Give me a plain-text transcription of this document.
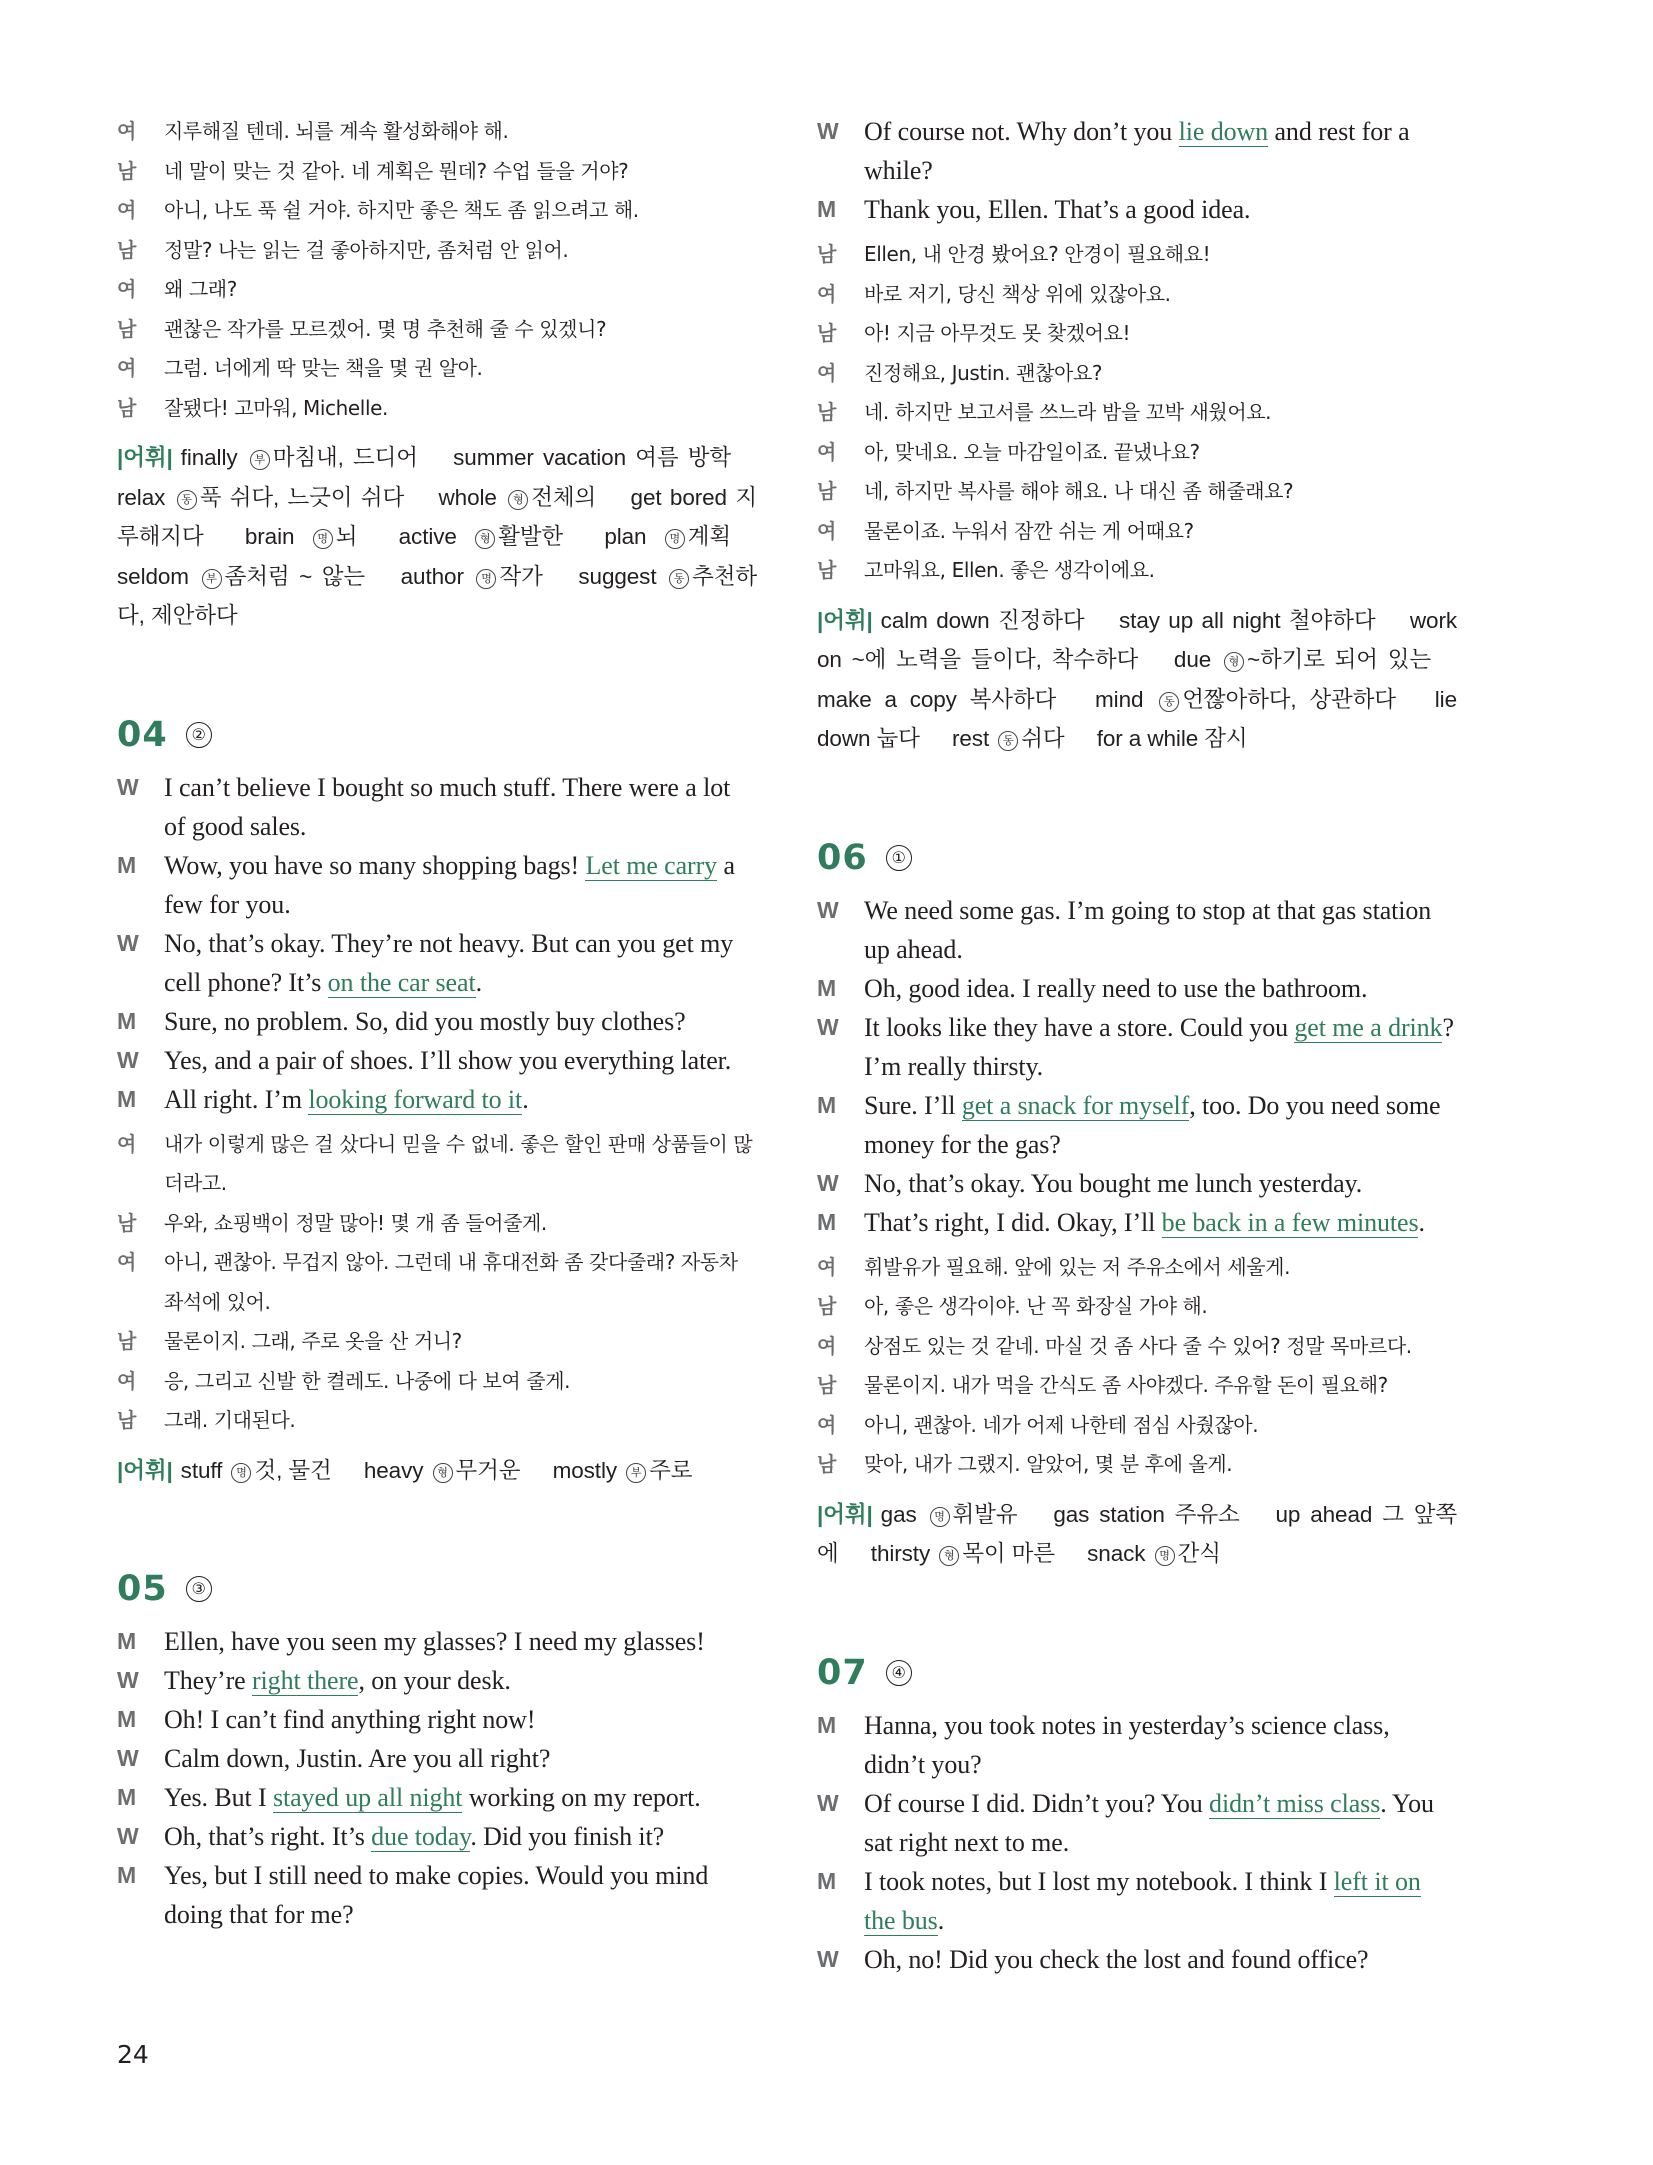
여	지루해질 텐데. 뇌를 계속 활성화해야 해.
남	네 말이 맞는 것 같아. 네 계획은 뭔데? 수업 들을 거야?
여	아니, 나도 푹 쉴 거야. 하지만 좋은 책도 좀 읽으려고 해.
남	정말? 나는 읽는 걸 좋아하지만, 좀처럼 안 읽어.
여	왜 그래?
남	괜찮은 작가를 모르겠어. 몇 명 추천해 줄 수 있겠니?
여	그럼. 너에게 딱 맞는 책을 몇 권 알아.
남	잘됐다! 고마워, Michelle.
|어휘| finally 부 마침내, 드디어 summer vacation 여름 방학 relax 동 푹 쉬다, 느긋이 쉬다 whole 형 전체의 get bored 지루해지다 brain 명 뇌 active 형 활발한 plan 명 계획 seldom 부 좀처럼 ~ 않는 author 명 작가 suggest 동 추천하다, 제안하다
04	②
W I can’t believe I bought so much stuff. There were a lot of good sales.
M	Wow, you have so many shopping bags! Let me carry a few for you.
W No, that’s okay. They’re not heavy. But can you get my cell phone? It’s on the car seat.
M	Sure, no problem. So, did you mostly buy clothes?
W Yes, and a pair of shoes. I’ll show you everything later.
M	All right. I’m looking forward to it.
여	내가 이렇게 많은 걸 샀다니 믿을 수 없네. 좋은 할인 판매 상품들이 많더라고.
남	우와, 쇼핑백이 정말 많아! 몇 개 좀 들어줄게.
여	아니, 괜찮아. 무겁지 않아. 그런데 내 휴대전화 좀 갖다줄래? 자동차 좌석에 있어.
남	물론이지. 그래, 주로 옷을 산 거니?
여	응, 그리고 신발 한 켤레도. 나중에 다 보여 줄게.
남	그래. 기대된다.
|어휘| stuff 명 것, 물건 heavy 형 무거운 mostly 부 주로
05	③
M	Ellen, have you seen my glasses? I need my glasses!
W They’re right there, on your desk.
M	Oh! I can’t find anything right now!
W Calm down, Justin. Are you all right?
M	Yes. But I stayed up all night working on my report.
W Oh, that’s right. It’s due today. Did you finish it?
M	Yes, but I still need to make copies. Would you mind doing that for me?
W Of course not. Why don’t you lie down and rest for a while?
M	Thank you, Ellen. That’s a good idea.
남	Ellen, 내 안경 봤어요? 안경이 필요해요!
여	바로 저기, 당신 책상 위에 있잖아요.
남	아! 지금 아무것도 못 찾겠어요!
여	진정해요, Justin. 괜찮아요?
남	네. 하지만 보고서를 쓰느라 밤을 꼬박 새웠어요.
여	아, 맞네요. 오늘 마감일이죠. 끝냈나요?
남	네, 하지만 복사를 해야 해요. 나 대신 좀 해줄래요?
여	물론이죠. 누워서 잠깐 쉬는 게 어때요?
남	고마워요, Ellen. 좋은 생각이에요.
|어휘| calm down 진정하다 stay up all night 철야하다 work on ~에 노력을 들이다, 착수하다 due 형 ~하기로 되어 있는 make a copy 복사하다 mind 동 언짢아하다, 상관하다 lie down 눕다 rest 동 쉬다 for a while 잠시
06	①
W We need some gas. I’m going to stop at that gas station up ahead.
M	Oh, good idea. I really need to use the bathroom.
W It looks like they have a store. Could you get me a drink? I’m really thirsty.
M	Sure. I’ll get a snack for myself, too. Do you need some money for the gas?
W No, that’s okay. You bought me lunch yesterday.
M	That’s right, I did. Okay, I’ll be back in a few minutes.
여	휘발유가 필요해. 앞에 있는 저 주유소에서 세울게.
남	아, 좋은 생각이야. 난 꼭 화장실 가야 해.
여	상점도 있는 것 같네. 마실 것 좀 사다 줄 수 있어? 정말 목마르다.
남	물론이지. 내가 먹을 간식도 좀 사야겠다. 주유할 돈이 필요해?
여	아니, 괜찮아. 네가 어제 나한테 점심 사줬잖아.
남	맞아, 내가 그랬지. 알았어, 몇 분 후에 올게.
|어휘| gas 명 휘발유 gas station 주유소 up ahead 그 앞쪽에 thirsty 형 목이 마른 snack 명 간식
07	④
M	Hanna, you took notes in yesterday’s science class, didn’t you?
W Of course I did. Didn’t you? You didn’t miss class. You sat right next to me.
M	I took notes, but I lost my notebook. I think I left it on the bus.
W Oh, no! Did you check the lost and found office?
24
